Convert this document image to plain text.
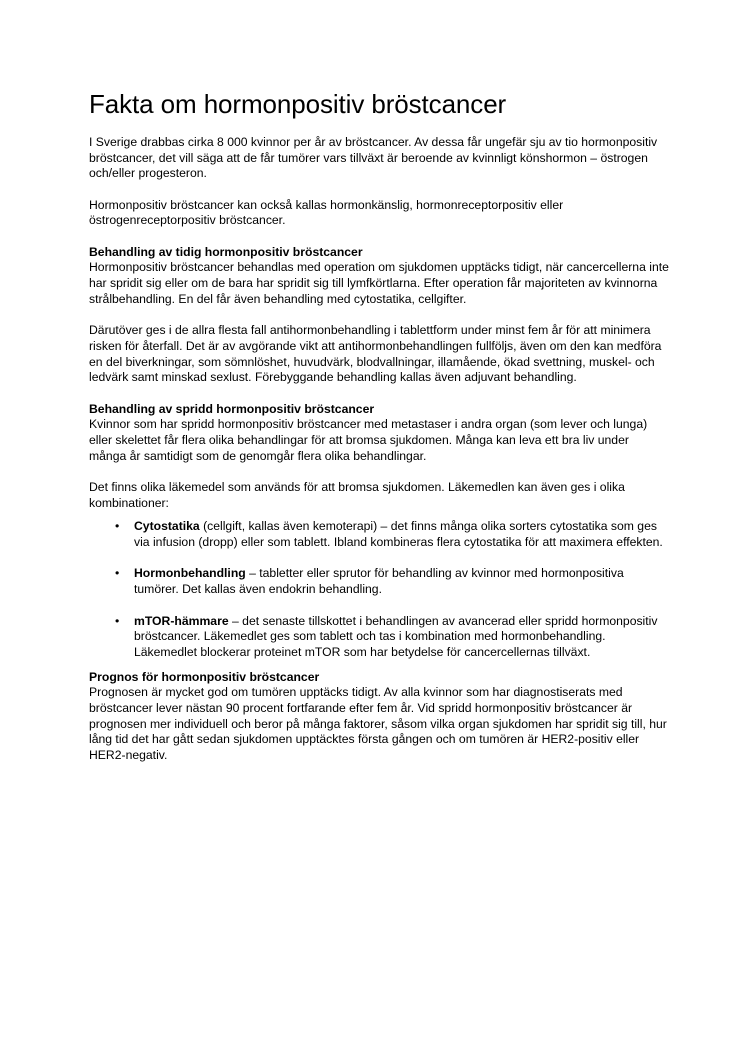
Fakta om hormonpositiv bröstcancer

I Sverige drabbas cirka 8 000 kvinnor per år av bröstcancer. Av dessa får ungefär sju av tio hormonpositiv bröstcancer, det vill säga att de får tumörer vars tillväxt är beroende av kvinnligt könshormon – östrogen och/eller progesteron.

Hormonpositiv bröstcancer kan också kallas hormonkänslig, hormonreceptorpositiv eller östrogenreceptorpositiv bröstcancer.

Behandling av tidig hormonpositiv bröstcancer

Hormonpositiv bröstcancer behandlas med operation om sjukdomen upptäcks tidigt, när cancercellerna inte har spridit sig eller om de bara har spridit sig till lymfkörtlarna. Efter operation får majoriteten av kvinnorna strålbehandling. En del får även behandling med cytostatika, cellgifter.

Därutöver ges i de allra flesta fall antihormonbehandling i tablettform under minst fem år för att minimera risken för återfall. Det är av avgörande vikt att antihormonbehandlingen fullföljs, även om den kan medföra en del biverkningar, som sömnlöshet, huvudvärk, blodvallningar, illamående, ökad svettning, muskel- och ledvärk samt minskad sexlust. Förebyggande behandling kallas även adjuvant behandling.

Behandling av spridd hormonpositiv bröstcancer

Kvinnor som har spridd hormonpositiv bröstcancer med metastaser i andra organ (som lever och lunga) eller skelettet får flera olika behandlingar för att bromsa sjukdomen. Många kan leva ett bra liv under många år samtidigt som de genomgår flera olika behandlingar.

Det finns olika läkemedel som används för att bromsa sjukdomen. Läkemedlen kan även ges i olika kombinationer:

• Cytostatika (cellgift, kallas även kemoterapi) – det finns många olika sorters cytostatika som ges via infusion (dropp) eller som tablett. Ibland kombineras flera cytostatika för att maximera effekten.
• Hormonbehandling – tabletter eller sprutor för behandling av kvinnor med hormonpositiva tumörer. Det kallas även endokrin behandling.
• mTOR-hämmare – det senaste tillskottet i behandlingen av avancerad eller spridd hormonpositiv bröstcancer. Läkemedlet ges som tablett och tas i kombination med hormonbehandling. Läkemedlet blockerar proteinet mTOR som har betydelse för cancercellernas tillväxt.
Prognos för hormonpositiv bröstcancer

Prognosen är mycket god om tumören upptäcks tidigt. Av alla kvinnor som har diagnostiserats med bröstcancer lever nästan 90 procent fortfarande efter fem år. Vid spridd hormonpositiv bröstcancer är prognosen mer individuell och beror på många faktorer, såsom vilka organ sjukdomen har spridit sig till, hur lång tid det har gått sedan sjukdomen upptäcktes första gången och om tumören är HER2-positiv eller HER2-negativ.
